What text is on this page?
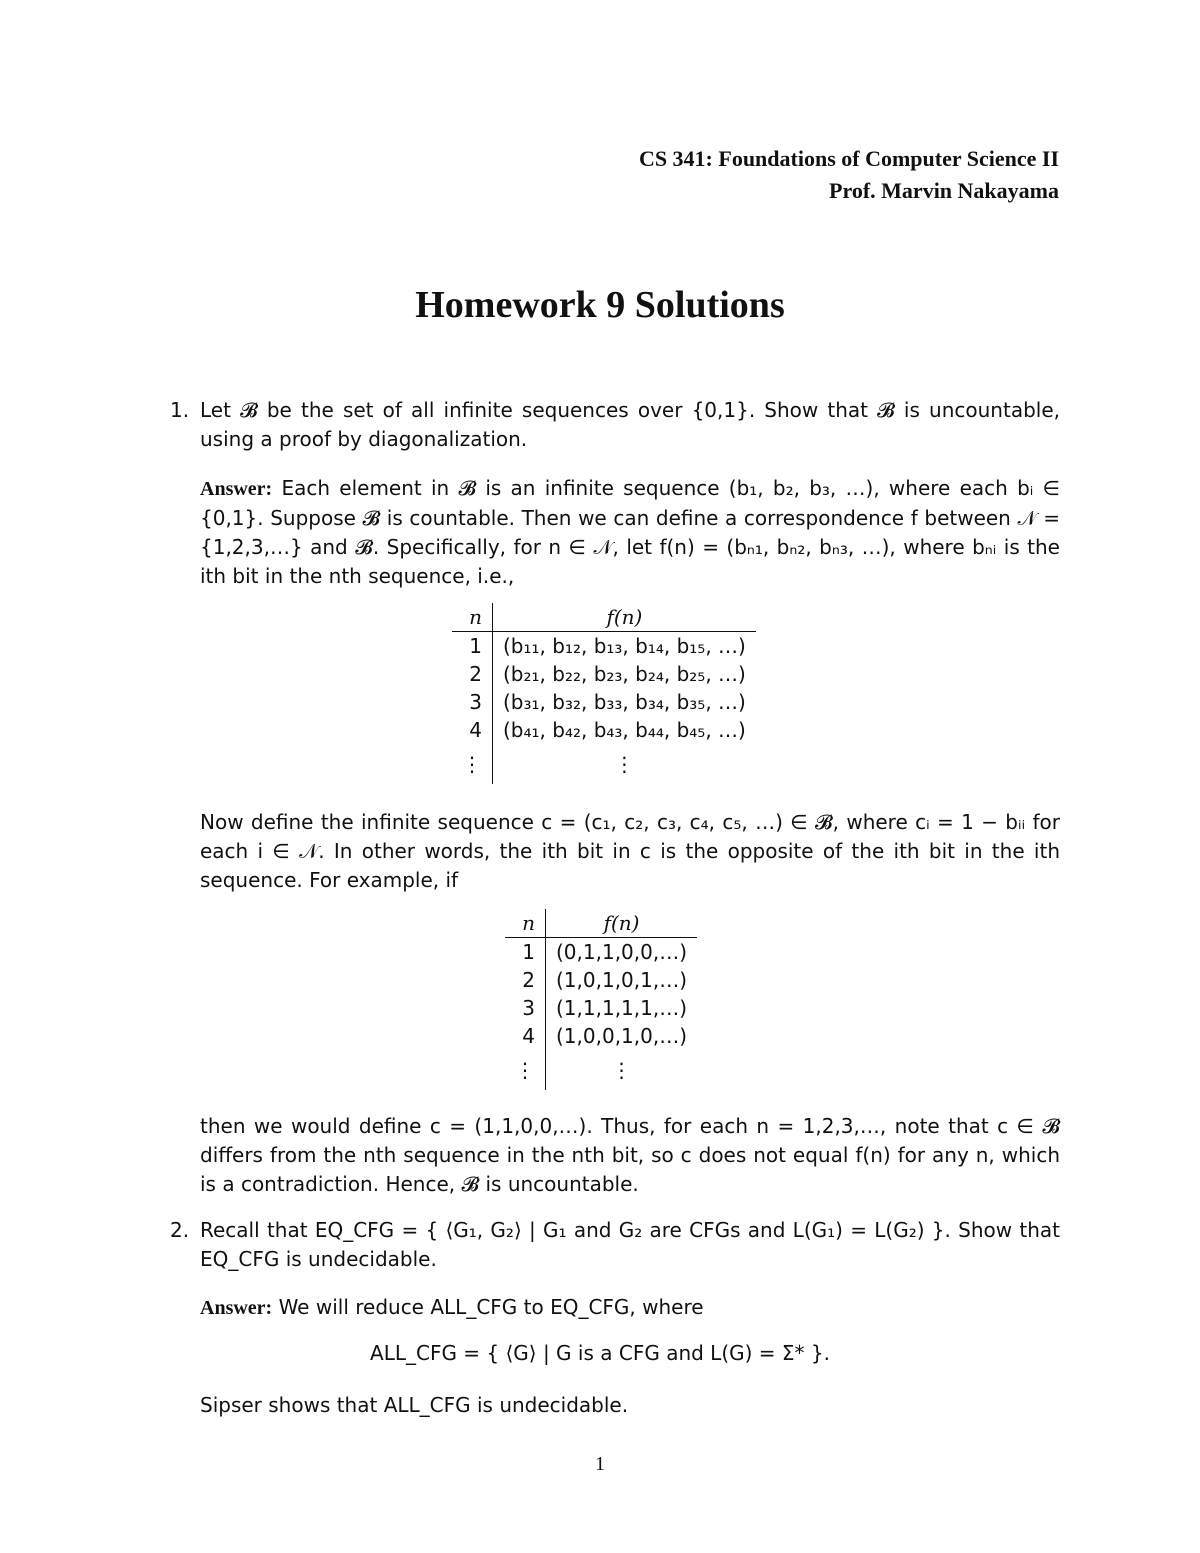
CS 341: Foundations of Computer Science II
Prof. Marvin Nakayama
Homework 9 Solutions
1. Let 𝓑 be the set of all infinite sequences over {0,1}. Show that 𝓑 is uncountable, using a proof by diagonalization.

Answer: Each element in 𝓑 is an infinite sequence (b₁, b₂, b₃, …), where each bᵢ ∈ {0,1}. Suppose 𝓑 is countable. Then we can define a correspondence f between 𝒩 = {1,2,3,…} and 𝓑. Specifically, for n ∈ 𝒩, let f(n) = (bₙ₁, bₙ₂, bₙ₃, …), where bₙᵢ is the ith bit in the nth sequence, i.e.,

n	f(n)
1	(b₁₁, b₁₂, b₁₃, b₁₄, b₁₅, …)
2	(b₂₁, b₂₂, b₂₃, b₂₄, b₂₅, …)
3	(b₃₁, b₃₂, b₃₃, b₃₄, b₃₅, …)
4	(b₄₁, b₄₂, b₄₃, b₄₄, b₄₅, …)
⋮	⋮

Now define the infinite sequence c = (c₁, c₂, c₃, c₄, c₅, …) ∈ 𝓑, where cᵢ = 1 − bᵢᵢ for each i ∈ 𝒩. In other words, the ith bit in c is the opposite of the ith bit in the ith sequence. For example, if

n	f(n)
1	(0,1,1,0,0,…)
2	(1,0,1,0,1,…)
3	(1,1,1,1,1,…)
4	(1,0,0,1,0,…)
⋮	⋮

then we would define c = (1,1,0,0,…). Thus, for each n = 1,2,3,…, note that c ∈ 𝓑 differs from the nth sequence in the nth bit, so c does not equal f(n) for any n, which is a contradiction. Hence, 𝓑 is uncountable.

2. Recall that EQ_CFG = { ⟨G₁, G₂⟩ | G₁ and G₂ are CFGs and L(G₁) = L(G₂) }. Show that EQ_CFG is undecidable.

Answer: We will reduce ALL_CFG to EQ_CFG, where

ALL_CFG = { ⟨G⟩ | G is a CFG and L(G) = Σ* }.

Sipser shows that ALL_CFG is undecidable.

1
